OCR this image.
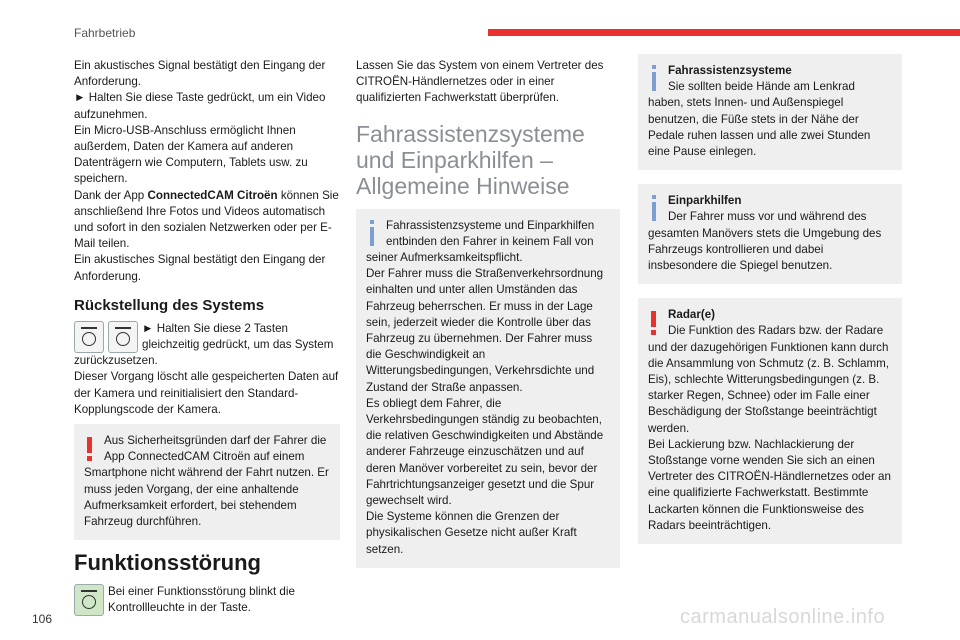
Fahrbetrieb

Ein akustisches Signal bestätigt den Eingang der Anforderung.

► Halten Sie diese Taste gedrückt, um ein Video aufzunehmen.

Ein Micro-USB-Anschluss ermöglicht Ihnen außerdem, Daten der Kamera auf anderen Datenträgern wie Computern, Tablets usw. zu speichern.

Dank der App ConnectedCAM Citroën können Sie anschließend Ihre Fotos und Videos automatisch und sofort in den sozialen Netzwerken oder per E-Mail teilen.

Ein akustisches Signal bestätigt den Eingang der Anforderung.

Rückstellung des Systems
► Halten Sie diese 2 Tasten gleichzeitig gedrückt, um das System zurückzusetzen.

Dieser Vorgang löscht alle gespeicherten Daten auf der Kamera und reinitialisiert den Standard-Kopplungscode der Kamera.

Aus Sicherheitsgründen darf der Fahrer die App ConnectedCAM Citroën auf einem Smartphone nicht während der Fahrt nutzen. Er muss jeden Vorgang, der eine anhaltende Aufmerksamkeit erfordert, bei stehendem Fahrzeug durchführen.
Funktionsstörung
Bei einer Funktionsstörung blinkt die Kontrollleuchte in der Taste.

Lassen Sie das System von einem Vertreter des CITROËN-Händlernetzes oder in einer qualifizierten Fachwerkstatt überprüfen.

Fahrassistenzsysteme und Einparkhilfen – Allgemeine Hinweise

Fahrassistenzsysteme und Einparkhilfen entbinden den Fahrer in keinem Fall von seiner Aufmerksamkeitspflicht.

Der Fahrer muss die Straßenverkehrsordnung einhalten und unter allen Umständen das Fahrzeug beherrschen. Er muss in der Lage sein, jederzeit wieder die Kontrolle über das Fahrzeug zu übernehmen. Der Fahrer muss die Geschwindigkeit an Witterungsbedingungen, Verkehrsdichte und Zustand der Straße anpassen.

Es obliegt dem Fahrer, die Verkehrsbedingungen ständig zu beobachten, die relativen Geschwindigkeiten und Abstände anderer Fahrzeuge einzuschätzen und auf deren Manöver vorbereitet zu sein, bevor der Fahrtrichtungsanzeiger gesetzt und die Spur gewechselt wird.

Die Systeme können die Grenzen der physikalischen Gesetze nicht außer Kraft setzen.

Fahrassistenzsysteme
Sie sollten beide Hände am Lenkrad haben, stets Innen- und Außenspiegel benutzen, die Füße stets in der Nähe der Pedale ruhen lassen und alle zwei Stunden eine Pause einlegen.
Einparkhilfen
Der Fahrer muss vor und während des gesamten Manövers stets die Umgebung des Fahrzeugs kontrollieren und dabei insbesondere die Spiegel benutzen.
Radar(e)
Die Funktion des Radars bzw. der Radare und der dazugehörigen Funktionen kann durch die Ansammlung von Schmutz (z. B. Schlamm, Eis), schlechte Witterungsbedingungen (z. B. starker Regen, Schnee) oder im Falle einer Beschädigung der Stoßstange beeinträchtigt werden.

Bei Lackierung bzw. Nachlackierung der Stoßstange vorne wenden Sie sich an einen Vertreter des CITROËN-Händlernetzes oder an eine qualifizierte Fachwerkstatt. Bestimmte Lackarten können die Funktionsweise des Radars beeinträchtigen.

106	carmanualsonline.info
